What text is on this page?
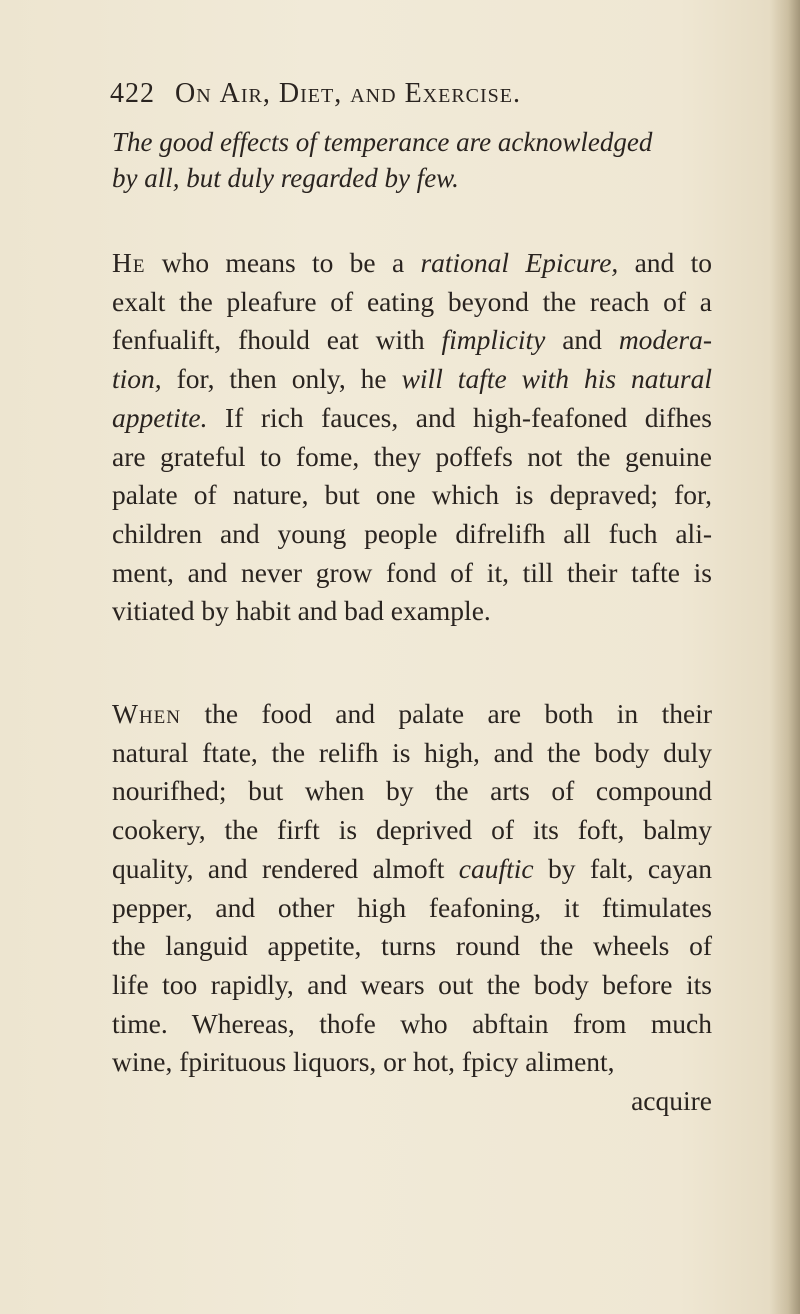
422 On Air, Diet, and Exercise.
The good effects of temperance are acknowledged
by all, but duly regarded by few.
He who means to be a rational Epicure, and to
exalt the pleafure of eating beyond the reach of a
fenfualift, fhould eat with fimplicity and modera-
tion, for, then only, he will tafte with his natural
appetite. If rich fauces, and high-feafoned difhes
are grateful to fome, they poffefs not the genuine
palate of nature, but one which is depraved; for,
children and young people difrelifh all fuch ali-
ment, and never grow fond of it, till their tafte is
vitiated by habit and bad example.
When the food and palate are both in their
natural ftate, the relifh is high, and the body duly
nourifhed; but when by the arts of compound
cookery, the firft is deprived of its foft, balmy
quality, and rendered almoft cauftic by falt, cayan
pepper, and other high feafoning, it ftimulates
the languid appetite, turns round the wheels of
life too rapidly, and wears out the body before its
time. Whereas, thofe who abftain from much
wine, fpirituous liquors, or hot, fpicy aliment,
acquire
